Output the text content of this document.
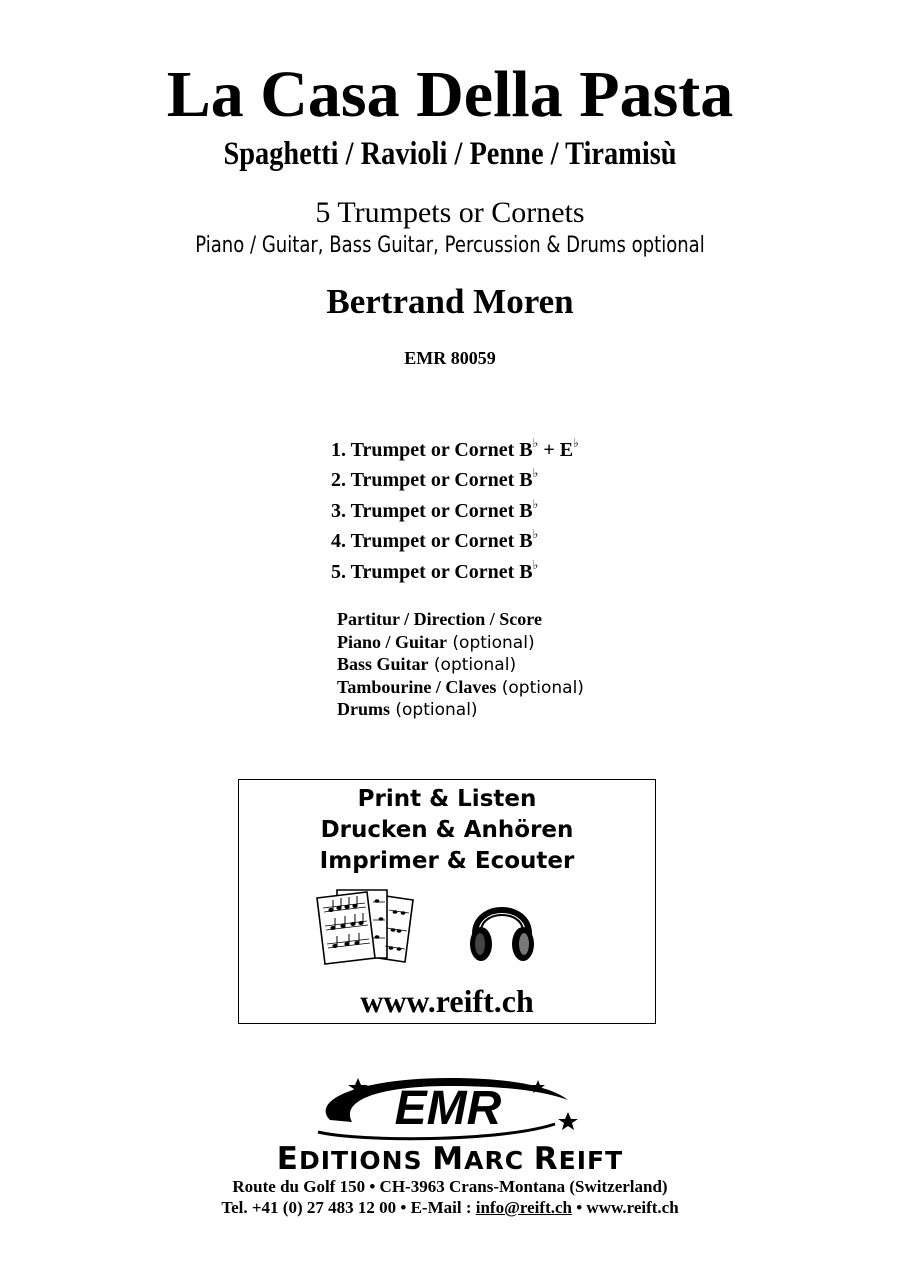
La Casa Della Pasta
Spaghetti / Ravioli / Penne / Tiramisù
5 Trumpets or Cornets
Piano / Guitar, Bass Guitar, Percussion & Drums optional
Bertrand Moren
EMR 80059
1. Trumpet or Cornet B♭ + E♭
2. Trumpet or Cornet B♭
3. Trumpet or Cornet B♭
4. Trumpet or Cornet B♭
5. Trumpet or Cornet B♭
Partitur / Direction / Score
Piano / Guitar (optional)
Bass Guitar (optional)
Tambourine / Claves (optional)
Drums (optional)
Print & Listen
Drucken & Anhören
Imprimer & Ecouter
www.reift.ch
EMR
EDITIONS MARC REIFT
Route du Golf 150 • CH-3963 Crans-Montana (Switzerland)
Tel. +41 (0) 27 483 12 00 • E-Mail : info@reift.ch • www.reift.ch
